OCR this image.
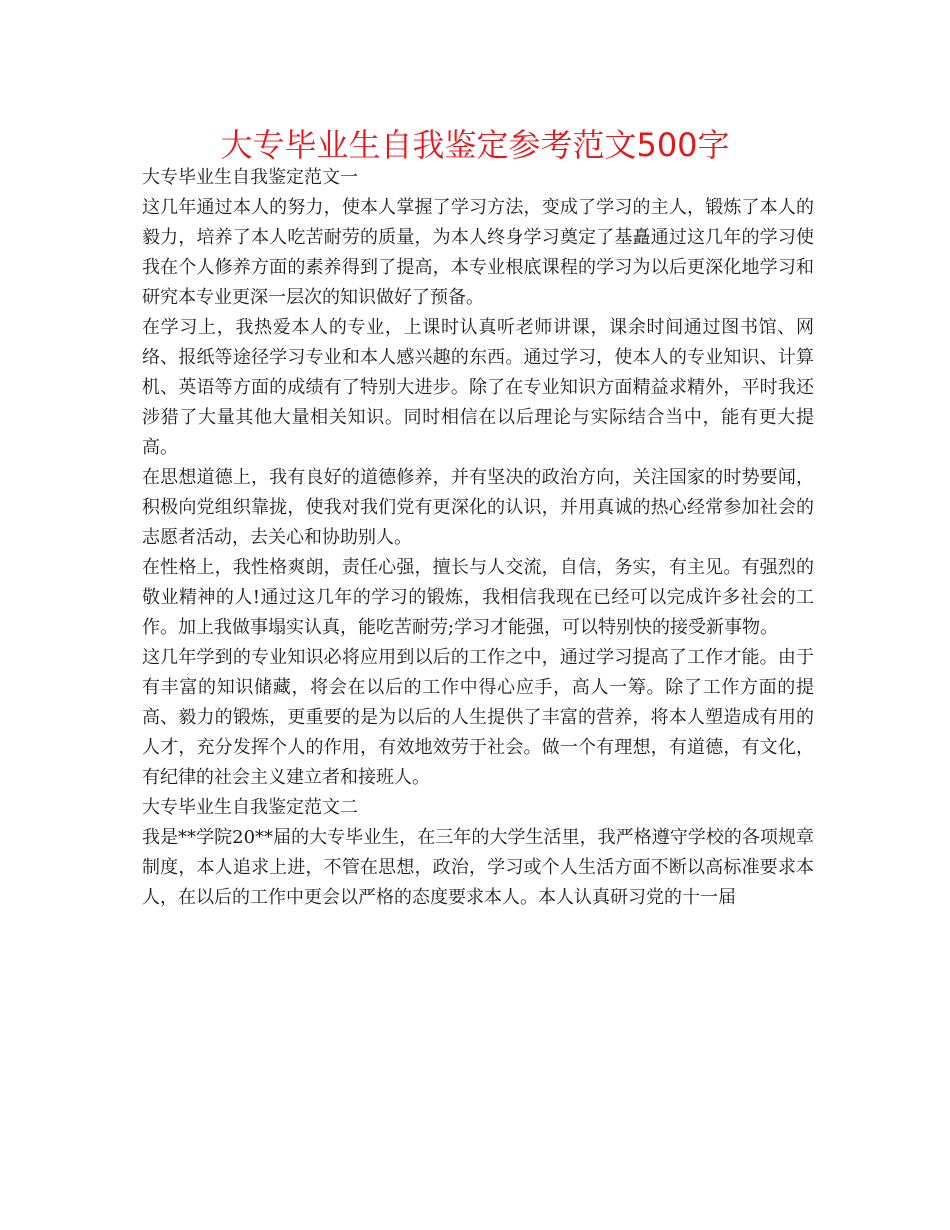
大专毕业生自我鉴定参考范文500字
大专毕业生自我鉴定范文一

这几年通过本人的努力，使本人掌握了学习方法，变成了学习的主人，锻炼了本人的毅力，培养了本人吃苦耐劳的质量，为本人终身学习奠定了基矗通过这几年的学习使我在个人修养方面的素养得到了提高，本专业根底课程的学习为以后更深化地学习和研究本专业更深一层次的知识做好了预备。

在学习上，我热爱本人的专业，上课时认真听老师讲课，课余时间通过图书馆、网络、报纸等途径学习专业和本人感兴趣的东西。通过学习，使本人的专业知识、计算机、英语等方面的成绩有了特别大进步。除了在专业知识方面精益求精外，平时我还涉猎了大量其他大量相关知识。同时相信在以后理论与实际结合当中，能有更大提高。

在思想道德上，我有良好的道德修养，并有坚决的政治方向，关注国家的时势要闻，积极向党组织靠拢，使我对我们党有更深化的认识，并用真诚的热心经常参加社会的志愿者活动，去关心和协助别人。

在性格上，我性格爽朗，责任心强，擅长与人交流，自信，务实，有主见。有强烈的敬业精神的人!通过这几年的学习的锻炼，我相信我现在已经可以完成许多社会的工作。加上我做事塌实认真，能吃苦耐劳;学习才能强，可以特别快的接受新事物。

这几年学到的专业知识必将应用到以后的工作之中，通过学习提高了工作才能。由于有丰富的知识储藏，将会在以后的工作中得心应手，高人一筹。除了工作方面的提高、毅力的锻炼，更重要的是为以后的人生提供了丰富的营养，将本人塑造成有用的人才，充分发挥个人的作用，有效地效劳于社会。做一个有理想，有道德，有文化，有纪律的社会主义建立者和接班人。

大专毕业生自我鉴定范文二

我是**学院20**届的大专毕业生，在三年的大学生活里，我严格遵守学校的各项规章制度，本人追求上进，不管在思想，政治，学习或个人生活方面不断以高标准要求本人，在以后的工作中更会以严格的态度要求本人。本人认真研习党的十一届
